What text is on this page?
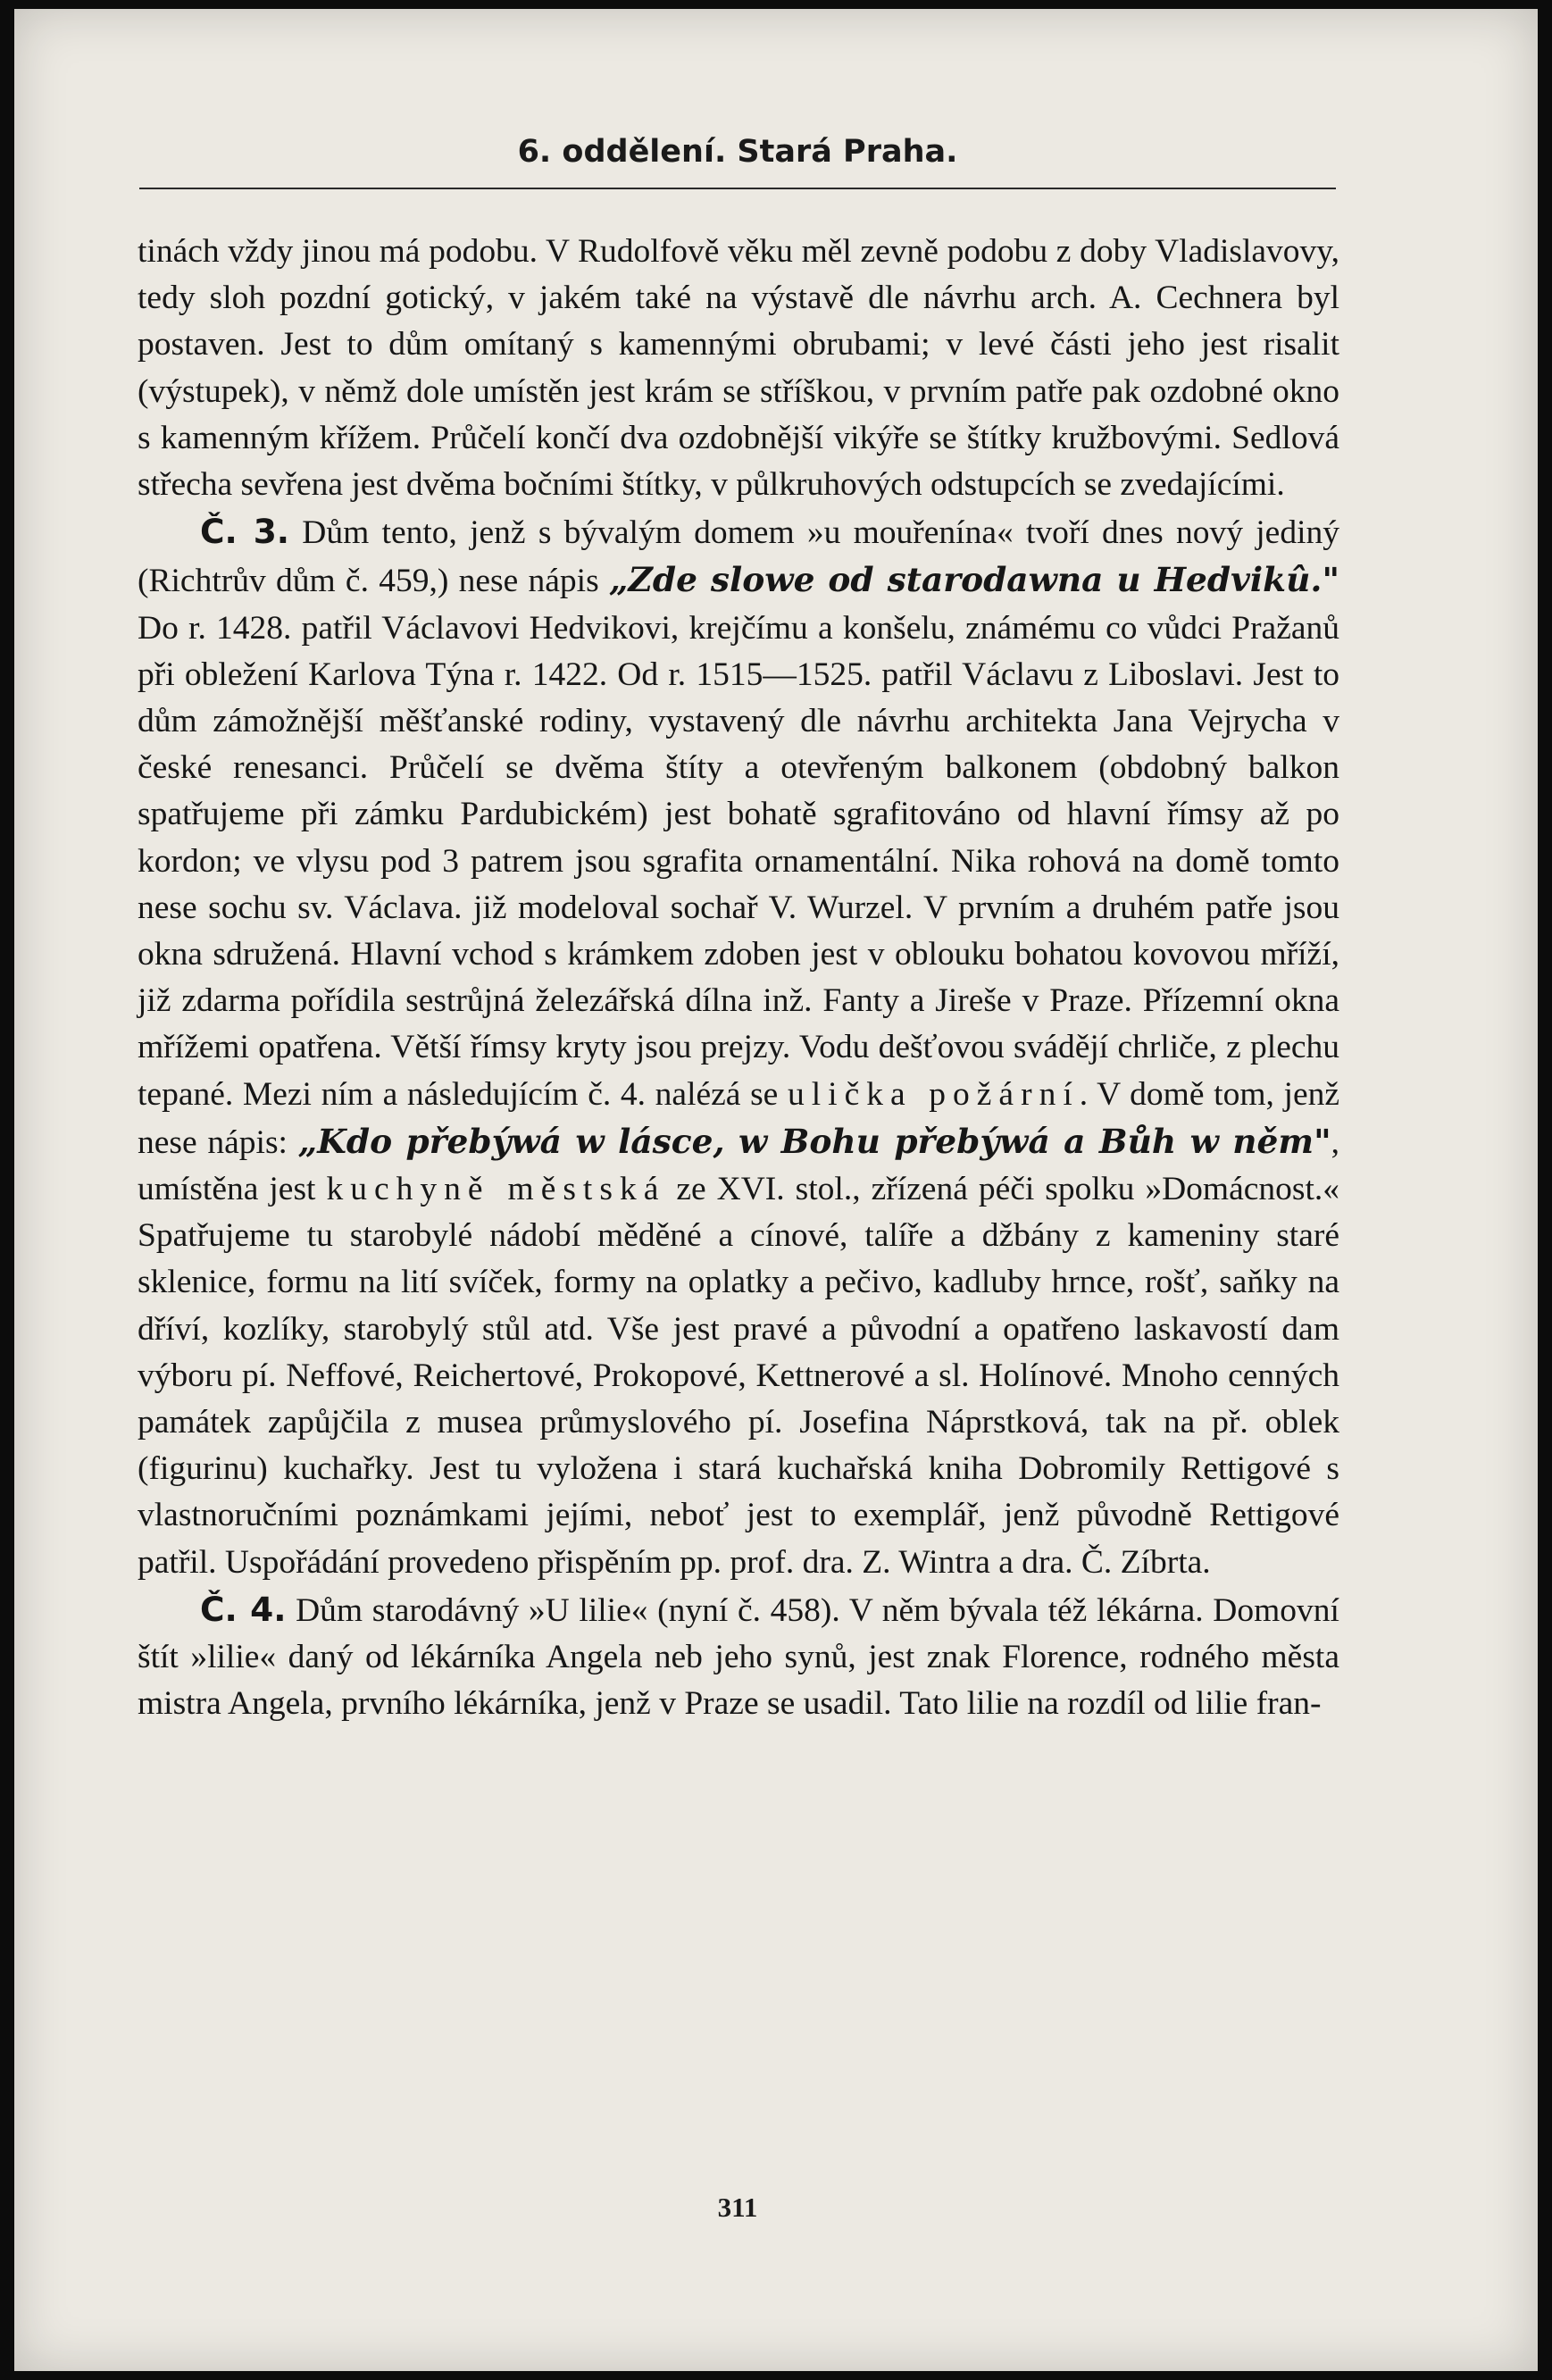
6. oddělení. Stará Praha.

tinách vždy jinou má podobu. V Rudolfově věku měl zevně podobu z doby Vladislavovy, tedy sloh pozdní gotický, v jakém také na výstavě dle návrhu arch. A. Cechnera byl postaven. Jest to dům omítaný s kamennými obrubami; v levé části jeho jest risalit (výstupek), v němž dole umístěn jest krám se stříškou, v prvním patře pak ozdobné okno s kamenným křížem. Průčelí končí dva ozdobnější vikýře se štítky kružbovými. Sedlová střecha sevřena jest dvěma bočními štítky, v půlkruhových odstupcích se zvedajícími.

Č. 3. Dům tento, jenž s bývalým domem »u mouřenína« tvoří dnes nový jediný (Richtrův dům č. 459,) nese nápis „Zde slowe od starodawna u Hedvikû." Do r. 1428. patřil Václavovi Hedvikovi, krejčímu a konšelu, známému co vůdci Pražanů při obležení Karlova Týna r. 1422. Od r. 1515—1525. patřil Václavu z Liboslavi. Jest to dům zámožnější měšťanské rodiny, vystavený dle návrhu architekta Jana Vejrycha v české renesanci. Průčelí se dvěma štíty a otevřeným balkonem (obdobný balkon spatřujeme při zámku Pardubickém) jest bohatě sgrafitováno od hlavní římsy až po kordon; ve vlysu pod 3 patrem jsou sgrafita ornamentální. Nika rohová na domě tomto nese sochu sv. Václava. již modeloval sochař V. Wurzel. V prvním a druhém patře jsou okna sdružená. Hlavní vchod s krámkem zdoben jest v oblouku bohatou kovovou mříží, již zdarma pořídila sestrůjná železářská dílna inž. Fanty a Jireše v Praze. Přízemní okna mřížemi opatřena. Větší římsy kryty jsou prejzy. Vodu dešťovou svádějí chrliče, z plechu tepané. Mezi ním a následujícím č. 4. nalézá se ulička požární. V domě tom, jenž nese nápis: „Kdo přebýwá w lásce, w Bohu přebýwá a Bůh w něm", umístěna jest kuchyně městská ze XVI. stol., zřízená péči spolku »Domácnost.« Spatřujeme tu starobylé nádobí měděné a cínové, talíře a džbány z kameniny staré sklenice, formu na lití svíček, formy na oplatky a pečivo, kadluby hrnce, rošť, saňky na dříví, kozlíky, starobylý stůl atd. Vše jest pravé a původní a opatřeno laskavostí dam výboru pí. Neffové, Reichertové, Prokopové, Kettnerové a sl. Holínové. Mnoho cenných památek zapůjčila z musea průmyslového pí. Josefina Náprstková, tak na př. oblek (figurinu) kuchařky. Jest tu vyložena i stará kuchařská kniha Dobromily Rettigové s vlastnoručními poznámkami jejími, neboť jest to exemplář, jenž původně Rettigové patřil. Uspořádání provedeno přispěním pp. prof. dra. Z. Wintra a dra. Č. Zíbrta.

Č. 4. Dům starodávný »U lilie« (nyní č. 458). V něm bývala též lékárna. Domovní štít »lilie« daný od lékárníka Angela neb jeho synů, jest znak Florence, rodného města mistra Angela, prvního lékárníka, jenž v Praze se usadil. Tato lilie na rozdíl od lilie fran-

311
